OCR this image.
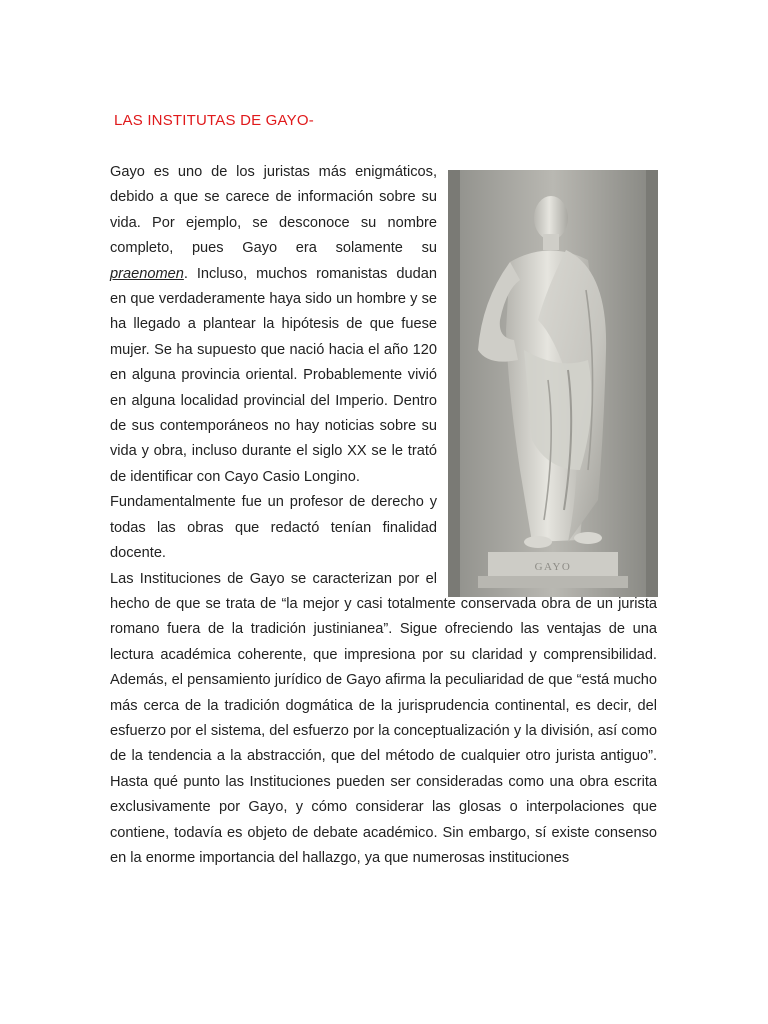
LAS INSTITUTAS DE GAYO-
GAYO

Gayo es uno de los juristas más enigmáticos, debido a que se carece de información sobre su vida. Por ejemplo, se desconoce su nombre completo, pues Gayo era solamente su praenomen. Incluso, muchos romanistas dudan en que verdaderamente haya sido un hombre y se ha llegado a plantear la hipótesis de que fuese mujer. Se ha supuesto que nació hacia el año 120 en alguna provincia oriental. Probablemente vivió en alguna localidad provincial del Imperio. Dentro de sus contemporáneos no hay noticias sobre su vida y obra, incluso durante el siglo XX se le trató de identificar con Cayo Casio Longino.

Fundamentalmente fue un profesor de derecho y todas las obras que redactó tenían finalidad docente.

Las Instituciones de Gayo se caracterizan por el hecho de que se trata de “la mejor y casi totalmente conservada obra de un jurista romano fuera de la tradición justinianea”. Sigue ofreciendo las ventajas de una lectura académica coherente, que impresiona por su claridad y comprensibilidad. Además, el pensamiento jurídico de Gayo afirma la peculiaridad de que “está mucho más cerca de la tradición dogmática de la jurisprudencia continental, es decir, del esfuerzo por el sistema, del esfuerzo por la conceptualización y la división, así como de la tendencia a la abstracción, que del método de cualquier otro jurista antiguo”. Hasta qué punto las Instituciones pueden ser consideradas como una obra escrita exclusivamente por Gayo, y cómo considerar las glosas o interpolaciones que contiene, todavía es objeto de debate académico. Sin embargo, sí existe consenso en la enorme importancia del hallazgo, ya que numerosas instituciones
